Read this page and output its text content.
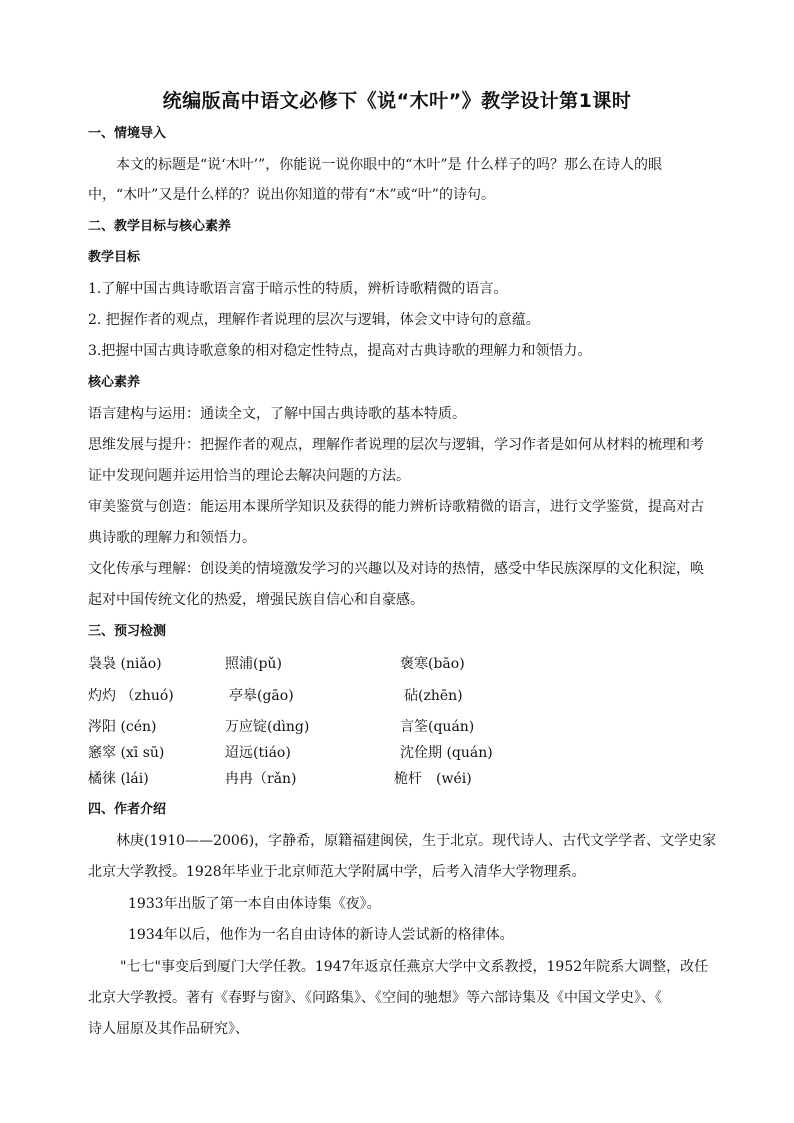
统编版高中语文必修下《说“木叶”》教学设计第1课时
一、情境导入
本文的标题是“说‘木叶’”，你能说一说你眼中的“木叶”是 什么样子的吗？那么在诗人的眼
中，“木叶”又是什么样的？说出你知道的带有“木”或“叶”的诗句。
二、教学目标与核心素养
教学目标
1.了解中国古典诗歌语言富于暗示性的特质，辨析诗歌精微的语言。
2. 把握作者的观点，理解作者说理的层次与逻辑，体会文中诗句的意蕴。
3.把握中国古典诗歌意象的相对稳定性特点，提高对古典诗歌的理解力和领悟力。
核心素养
语言建构与运用：通读全文，了解中国古典诗歌的基本特质。
思维发展与提升：把握作者的观点，理解作者说理的层次与逻辑，学习作者是如何从材料的梳理和考
证中发现问题并运用恰当的理论去解决问题的方法。
审美鉴赏与创造：能运用本课所学知识及获得的能力辨析诗歌精微的语言，进行文学鉴赏，提高对古
典诗歌的理解力和领悟力。
文化传承与理解：创设美的情境激发学习的兴趣以及对诗的热情，感受中华民族深厚的文化积淀，唤
起对中国传统文化的热爱，增强民族自信心和自豪感。
三、预习检测
袅袅 (niǎo)	照浦(pǔ)	褒寒(bāo)
灼灼 （zhuó)	亭皋(gāo)	砧(zhēn)
涔阳 (cén)	万应锭(dìng)	言筌(quán)
窸窣 (xī sū)	迢远(tiáo)	沈佺期 (quán)
橘徕 (lái)	冉冉（rǎn)	桅杆　(wéi)
四、作者介绍
林庚(1910——2006)，字静希，原籍福建闽侯，生于北京。现代诗人、古代文学学者、文学史家
北京大学教授。1928年毕业于北京师范大学附属中学，后考入清华大学物理系。
1933年出版了第一本自由体诗集《夜》。
1934年以后，他作为一名自由诗体的新诗人尝试新的格律体。
"七七"事变后到厦门大学任教。1947年返京任燕京大学中文系教授，1952年院系大调整，改任
北京大学教授。著有《春野与窗》、《问路集》、《空间的驰想》等六部诗集及《中国文学史》、《
诗人屈原及其作品研究》、
